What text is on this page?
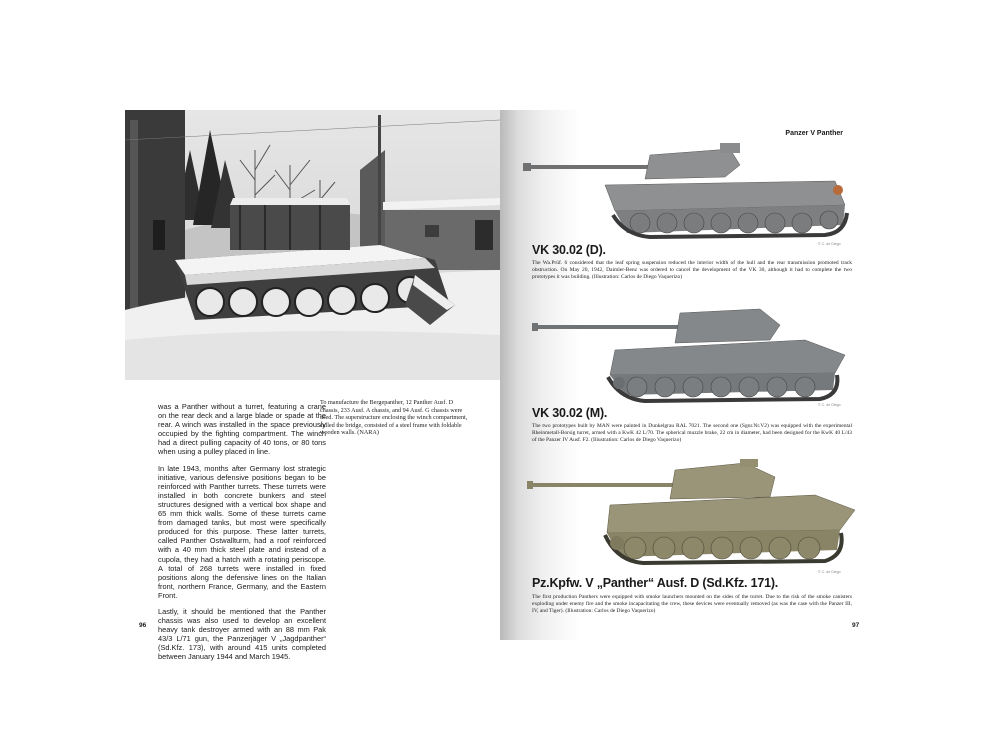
was a Panther without a turret, featuring a crane on the rear deck and a large blade or spade at the rear. A winch was installed in the space previously occupied by the fighting compartment. The winch had a direct pulling capacity of 40 tons, or 80 tons when using a pulley placed in line.

In late 1943, months after Germany lost strategic initiative, various defensive positions began to be reinforced with Panther turrets. These turrets were installed in both concrete bunkers and steel structures designed with a vertical box shape and 65 mm thick walls. Some of these turrets came from damaged tanks, but most were specifically produced for this purpose. These latter turrets, called Panther Ostwallturm, had a roof reinforced with a 40 mm thick steel plate and instead of a cupola, they had a hatch with a rotating periscope. A total of 268 turrets were installed in fixed positions along the defensive lines on the Italian front, northern France, Germany, and the Eastern Front.

Lastly, it should be mentioned that the Panther chassis was also used to develop an excellent heavy tank destroyer armed with an 88 mm Pak 43/3 L/71 gun, the Panzerjäger V „Jagdpanther“ (Sd.Kfz. 173), with around 415 units completed between January 1944 and March 1945.

To manufacture the Bergepanther, 12 Panther Ausf. D chassis, 233 Ausf. A chassis, and 94 Ausf. G chassis were used. The superstructure enclosing the winch compartment, called the bridge, consisted of a steel frame with foldable wooden walls. (NARA)
96
Panzer V Panther
© C. de Diego
VK 30.02 (D).
The Wa.Prüf. 6 considered that the leaf spring suspension reduced the interior width of the hull and the rear transmission promoted track obstruction. On May 20, 1942, Daimler-Benz was ordered to cancel the development of the VK 30, although it had to complete the two prototypes it was building. (Illustration: Carlos de Diego Vaquerizo)
© C. de Diego
VK 30.02 (M).
The two prototypes built by MAN were painted in Dunkelgrau RAL 7021. The second one (Sgnr.Nr.V2) was equipped with the experimental Rheinmetall-Borsig turret, armed with a KwK 42 L/70. The spherical muzzle brake, 22 cm in diameter, had been designed for the KwK 40 L/43 of the Panzer IV Ausf. F2. (Illustration: Carlos de Diego Vaquerizo)
© C. de Diego
Pz.Kpfw. V „Panther“ Ausf. D (Sd.Kfz. 171).
The first production Panthers were equipped with smoke launchers mounted on the sides of the turret. Due to the risk of the smoke canisters exploding under enemy fire and the smoke incapacitating the crew, these devices were eventually removed (as was the case with the Panzer III, IV, and Tiger). (Illustration: Carlos de Diego Vaquerizo)
97
